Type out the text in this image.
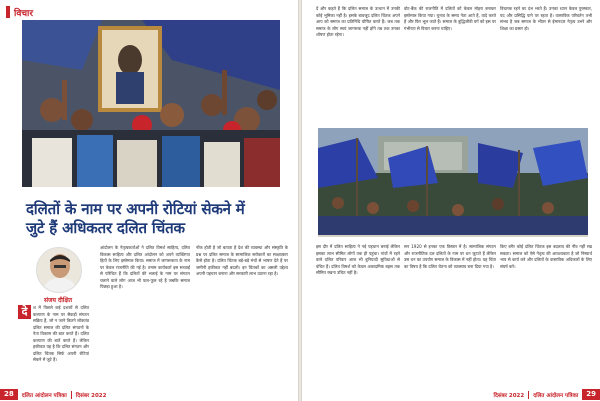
विचार
दलितों के नाम पर अपनी रोटियां सेकने में
जुटे हैं अधिकतर दलित चिंतक
संजय दीक्षित
दे	श में पिछले कई दशकों से दलित कल्याण के नाम पर सैकड़ों संगठन सक्रिय हैं, जो न जाने कितने लोकतंत्र दलित समाज की दलित संगठनों के नेता विकास की बात करते हैं। दलित कल्याण की बातें करते हैं। लेकिन हकीकत यह है कि दलित संगठन और दलित चिंतक सिर्फ अपनी रोटियां सेकने में जुटे हैं।
आंदोलन के नेतृत्वकर्ताओं ने दलित विमर्श साहित्य, दलित विकास साहित्य और दलित आंदोलन को अपने व्यक्तिगत हितों के लिए इस्तेमाल किया। समाज में जागरूकता के नाम पर केवल राजनीति की गई है। तमाम कार्यकर्ता इस सच्चाई से परिचित हैं कि दलितों की भलाई के नाम पर संगठन चलाने वाले लोग आज भी फल-फूल रहे हैं जबकि समाज पिछड़ा हुआ है।
नोंक होती है जो बताता है देश की व्यवस्था और संस्कृति के प्रश्न पर दलित समाज के सामाजिक सरोकारों का साक्षात्कार कैसे होता है। दलित चिंतक बड़े-बड़े मंचों से भाषण देते हैं पर जमीनी हकीकत नहीं बदली। इन चिंतकों का असली उद्देश्य अपनी पहचान बनाना और सरकारी लाभ उठाना रहा है।
28	दलित आंदोलन पत्रिका दिसंबर 2022
दें और कहते हैं कि दलित समाज के उत्थान में उनकी कोई भूमिका नहीं है। इसके बावजूद दलित चिंतक अपने आप को समाज का प्रतिनिधि घोषित करते हैं। जब तक समाज के लोग स्वयं जागरूक नहीं होंगे तब तक उनका शोषण होता रहेगा।
वोट-बैंक की राजनीति में दलितों को केवल मोहरा बनाकर इस्तेमाल किया गया। चुनाव के समय नेता आते हैं, वादे करते हैं और फिर भूल जाते हैं। समाज के बुद्धिजीवी वर्ग को इस पर गंभीरता से विचार करना चाहिए।
विचारक रहने का दंभ भरते हैं। उनका ध्यान केवल पुरस्कार, पद और प्रसिद्धि पाने पर रहता है। वास्तविक परिवर्तन तभी संभव है जब समाज के भीतर से ईमानदार नेतृत्व उभरे और शिक्षा का प्रसार हो।
इस दौर में दलित साहित्य ने नई पहचान बनाई लेकिन इसका लाभ सीमित लोगों तक ही पहुंचा। गांवों में रहने वाले दलित परिवार आज भी बुनियादी सुविधाओं से वंचित हैं। दलित विमर्श को केवल अकादमिक बहस तक सीमित रखना उचित नहीं है।
सन 1920 से इनका एक विस्तार में है। सामाजिक संगठन और राजनीतिक दल दलितों के नाम पर धन जुटाते हैं लेकिन उस धन का उपयोग समाज के विकास में नहीं होता। यह चिंता का विषय है कि दलित चेतना को व्यवसाय बना दिया गया है।
किए बगैर कोई दलित चिंतक इस बदलाव की नींव नहीं रख सकता। समाज को ऐसे नेतृत्व की आवश्यकता है जो निस्वार्थ भाव से कार्य करे और दलितों के वास्तविक अधिकारों के लिए संघर्ष करे।
दिसंबर 2022 दलित आंदोलन पत्रिका	29
